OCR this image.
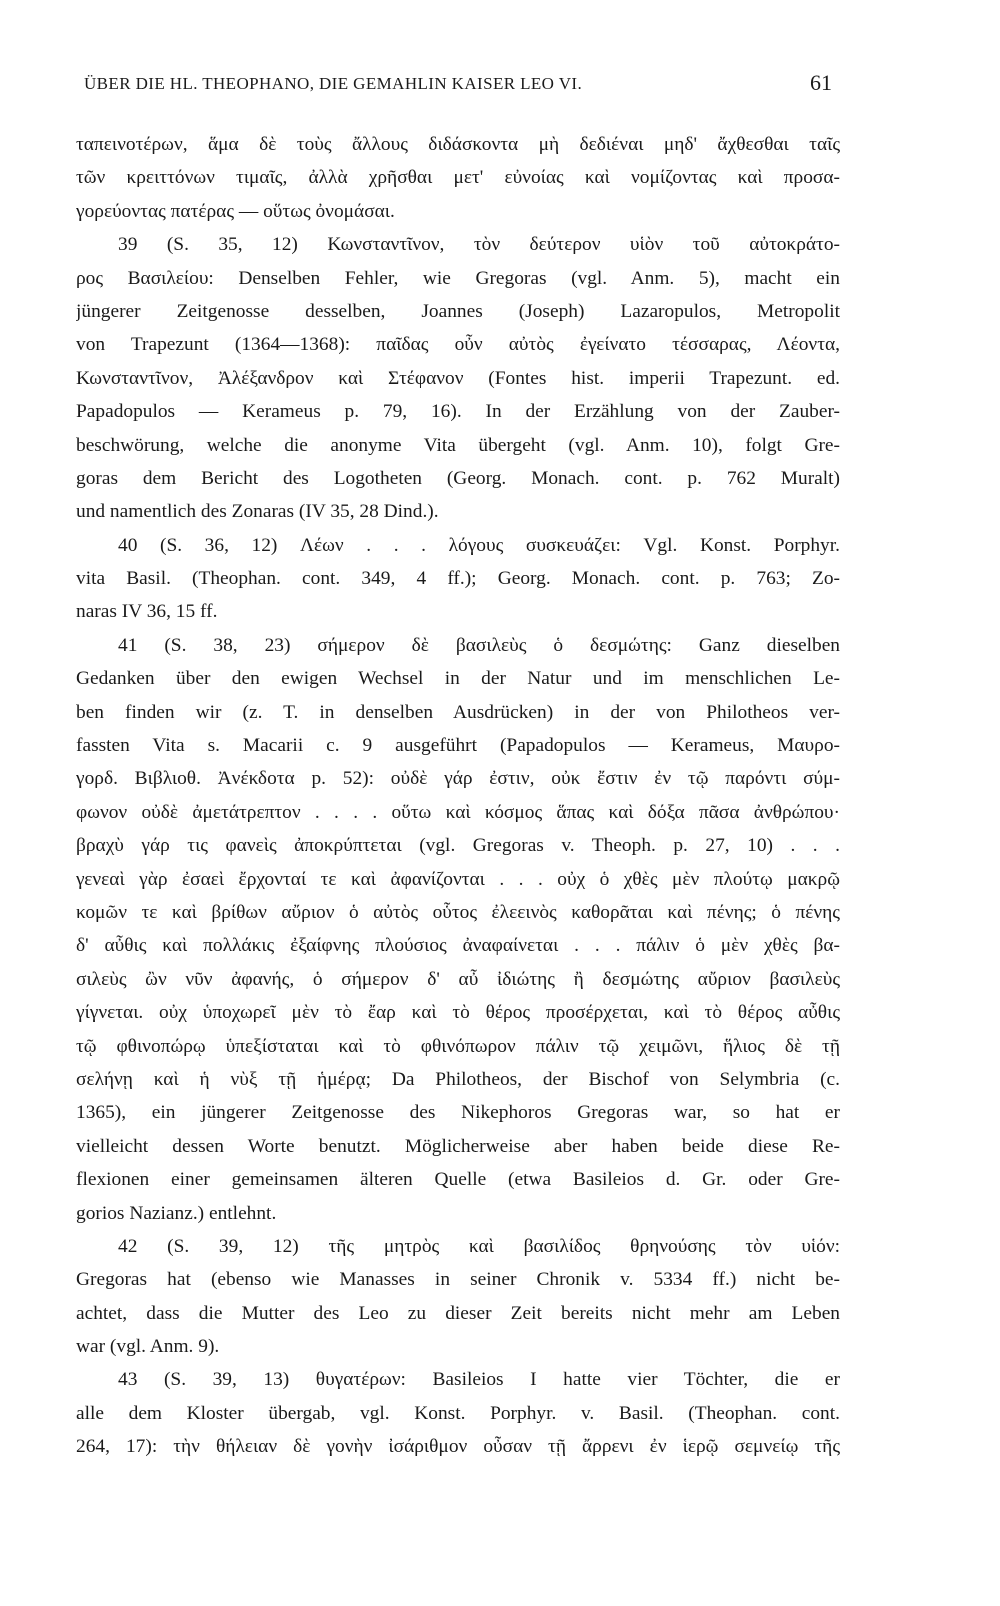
ÜBER DIE HL. THEOPHANO, DIE GEMAHLIN KAISER LEO VI.	61
ταπεινοτέρων, ἅμα δὲ τοὺς ἄλλους διδάσκοντα μὴ δεδιέναι μηδ' ἄχθεσθαι ταῖς
τῶν κρειττόνων τιμαῖς, ἀλλὰ χρῆσθαι μετ' εὐνοίας καὶ νομίζοντας καὶ προσα-
γορεύοντας πατέρας — οὕτως ὀνομάσαι.
39 (S. 35, 12) Κωνσταντῖνον, τὸν δεύτερον υἱὸν τοῦ αὐτοκράτο-
ρος Βασιλείου: Denselben Fehler, wie Gregoras (vgl. Anm. 5), macht ein
jüngerer Zeitgenosse desselben, Joannes (Joseph) Lazaropulos, Metropolit
von Trapezunt (1364—1368): παῖδας οὖν αὐτὸς ἐγείνατο τέσσαρας, Λέοντα,
Κωνσταντῖνον, Ἀλέξανδρον καὶ Στέφανον (Fontes hist. imperii Trapezunt. ed.
Papadopulos — Kerameus p. 79, 16). In der Erzählung von der Zauber-
beschwörung, welche die anonyme Vita übergeht (vgl. Anm. 10), folgt Gre-
goras dem Bericht des Logotheten (Georg. Monach. cont. p. 762 Muralt)
und namentlich des Zonaras (IV 35, 28 Dind.).
40 (S. 36, 12) Λέων . . . λόγους συσκευάζει: Vgl. Konst. Porphyr.
vita Basil. (Theophan. cont. 349, 4 ff.); Georg. Monach. cont. p. 763; Zo-
naras IV 36, 15 ff.
41 (S. 38, 23) σήμερον δὲ βασιλεὺς ὁ δεσμώτης: Ganz dieselben
Gedanken über den ewigen Wechsel in der Natur und im menschlichen Le-
ben finden wir (z. T. in denselben Ausdrücken) in der von Philotheos ver-
fassten Vita s. Macarii c. 9 ausgeführt (Papadopulos — Kerameus, Μαυρο-
γορδ. Βιβλιοθ. Ἀνέκδοτα p. 52): οὐδὲ γάρ ἐστιν, οὐκ ἔστιν ἐν τῷ παρόντι σύμ-
φωνον οὐδὲ ἀμετάτρεπτον . . . . οὕτω καὶ κόσμος ἅπας καὶ δόξα πᾶσα ἀνθρώπου·
βραχὺ γάρ τις φανεὶς ἀποκρύπτεται (vgl. Gregoras v. Theoph. p. 27, 10) . . .
γενεαὶ γὰρ ἐσαεὶ ἔρχονταί τε καὶ ἀφανίζονται . . . οὐχ ὁ χθὲς μὲν πλούτῳ μακρῷ
κομῶν τε καὶ βρίθων αὔριον ὁ αὐτὸς οὗτος ἐλεεινὸς καθορᾶται καὶ πένης; ὁ πένης
δ' αὖθις καὶ πολλάκις ἐξαίφνης πλούσιος ἀναφαίνεται . . . πάλιν ὁ μὲν χθὲς βα-
σιλεὺς ὢν νῦν ἀφανής, ὁ σήμερον δ' αὖ ἰδιώτης ἢ δεσμώτης αὔριον βασιλεὺς
γίγνεται. οὐχ ὑποχωρεῖ μὲν τὸ ἔαρ καὶ τὸ θέρος προσέρχεται, καὶ τὸ θέρος αὖθις
τῷ φθινοπώρῳ ὑπεξίσταται καὶ τὸ φθινόπωρον πάλιν τῷ χειμῶνι, ἥλιος δὲ τῇ
σελήνῃ καὶ ἡ νὺξ τῇ ἡμέρᾳ; Da Philotheos, der Bischof von Selymbria (c.
1365), ein jüngerer Zeitgenosse des Nikephoros Gregoras war, so hat er
vielleicht dessen Worte benutzt. Möglicherweise aber haben beide diese Re-
flexionen einer gemeinsamen älteren Quelle (etwa Basileios d. Gr. oder Gre-
gorios Nazianz.) entlehnt.
42 (S. 39, 12) τῆς μητρὸς καὶ βασιλίδος θρηνούσης τὸν υἱόν:
Gregoras hat (ebenso wie Manasses in seiner Chronik v. 5334 ff.) nicht be-
achtet, dass die Mutter des Leo zu dieser Zeit bereits nicht mehr am Leben
war (vgl. Anm. 9).
43 (S. 39, 13) θυγατέρων: Basileios I hatte vier Töchter, die er
alle dem Kloster übergab, vgl. Konst. Porphyr. v. Basil. (Theophan. cont.
264, 17): τὴν θήλειαν δὲ γονὴν ἰσάριθμον οὖσαν τῇ ἄρρενι ἐν ἱερῷ σεμνείῳ τῆς
